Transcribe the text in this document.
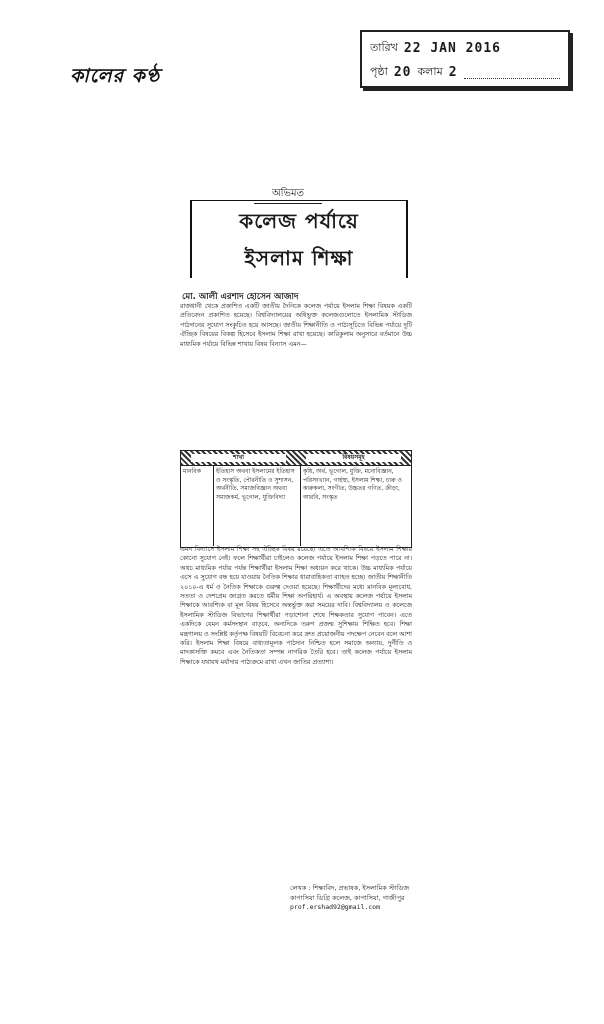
তারিখ 22 JAN 2016
পৃষ্ঠা 20 কলাম 2
কালের কণ্ঠ
অভিমত
কলেজ পর্যায়ে
ইসলাম শিক্ষা
মো. আলী এরশাদ হোসেন আজাদ
রাজধানী থেকে প্রকাশিত একটি জাতীয় দৈনিকে কলেজ পর্যায়ে ইসলাম শিক্ষা বিষয়ক একটি প্রতিবেদন প্রকাশিত হয়েছে। বিশ্ববিদ্যালয়ের অধিভুক্ত কলেজগুলোতে ইসলামিক স্টাডিজ পাঠদানের সুযোগ সংকুচিত হয়ে আসছে। জাতীয় শিক্ষানীতি ও পাঠ্যসূচিতে বিভিন্ন পর্যায়ে দুটি ঐচ্ছিক বিষয়ের বিকল্প হিসেবে ইসলাম শিক্ষা রাখা হয়েছে। কারিকুলাম অনুসারে বর্তমানে উচ্চ মাধ্যমিক পর্যায়ে বিভিন্ন শাখায় বিষয় বিন্যাস এমন—
শাখা	বিষয়সমূহ
মানবিক	ইতিহাস অথবা ইসলামের ইতিহাস ও সংস্কৃতি, পৌরনীতি ও সুশাসন, অর্থনীতি, সমাজবিজ্ঞান অথবা সমাজকর্ম, ভূগোল, যুক্তিবিদ্যা
কৃষি, অর্থ, ভূগোল, যুক্তি, মনোবিজ্ঞান, পরিসংখ্যান, গার্হস্থ্য, ইসলাম শিক্ষা, চারু ও কারুকলা, সংগীত, উচ্চতর গণিত, ক্রীড়া, আরবি, সংস্কৃত
এমন বিন্যাসে ইসলাম শিক্ষা সহ ঐচ্ছিক বিষয় রয়েছে। এতে আবশ্যিক বিষয়ে ইসলাম শিক্ষার কোনো সুযোগ নেই। ফলে শিক্ষার্থীরা চাইলেও কলেজ পর্যায়ে ইসলাম শিক্ষা পড়তে পারে না। অথচ মাধ্যমিক পর্যায় পর্যন্ত শিক্ষার্থীরা ইসলাম শিক্ষা অধ্যয়ন করে থাকে। উচ্চ মাধ্যমিক পর্যায়ে এসে এ সুযোগ বন্ধ হয়ে যাওয়ায় নৈতিক শিক্ষার ধারাবাহিকতা ব্যাহত হচ্ছে। জাতীয় শিক্ষানীতি ২০১০-এ ধর্ম ও নৈতিক শিক্ষাকে গুরুত্ব দেওয়া হয়েছে। শিক্ষার্থীদের মধ্যে মানবিক মূল্যবোধ, সততা ও দেশপ্রেম জাগ্রত করতে ধর্মীয় শিক্ষা অপরিহার্য। এ অবস্থায় কলেজ পর্যায়ে ইসলাম শিক্ষাকে আবশ্যিক বা মূল বিষয় হিসেবে অন্তর্ভুক্ত করা সময়ের দাবি। বিশ্ববিদ্যালয় ও কলেজে ইসলামিক স্টাডিজ বিভাগের শিক্ষার্থীরা পড়াশোনা শেষে শিক্ষকতার সুযোগ পাবেন। এতে একদিকে যেমন কর্মসংস্থান বাড়বে, অন্যদিকে তরুণ প্রজন্ম সুশিক্ষায় শিক্ষিত হবে। শিক্ষা মন্ত্রণালয় ও সংশ্লিষ্ট কর্তৃপক্ষ বিষয়টি বিবেচনা করে দ্রুত প্রয়োজনীয় পদক্ষেপ নেবেন বলে আশা করি। ইসলাম শিক্ষা বিষয়ে বাধ্যতামূলক পাঠদান নিশ্চিত হলে সমাজে অন্যায়, দুর্নীতি ও মাদকাসক্তি কমবে এবং নৈতিকতা সম্পন্ন নাগরিক তৈরি হবে। তাই কলেজ পর্যায়ে ইসলাম শিক্ষাকে যথাযথ মর্যাদায় পাঠ্যক্রমে রাখা এখন জাতির প্রত্যাশা।
লেখক : শিক্ষাবিদ, প্রভাষক, ইসলামিক স্টাডিজ
কাপাসিয়া ডিগ্রি কলেজ, কাপাসিয়া, গাজীপুর
prof.ershad92@gmail.com
